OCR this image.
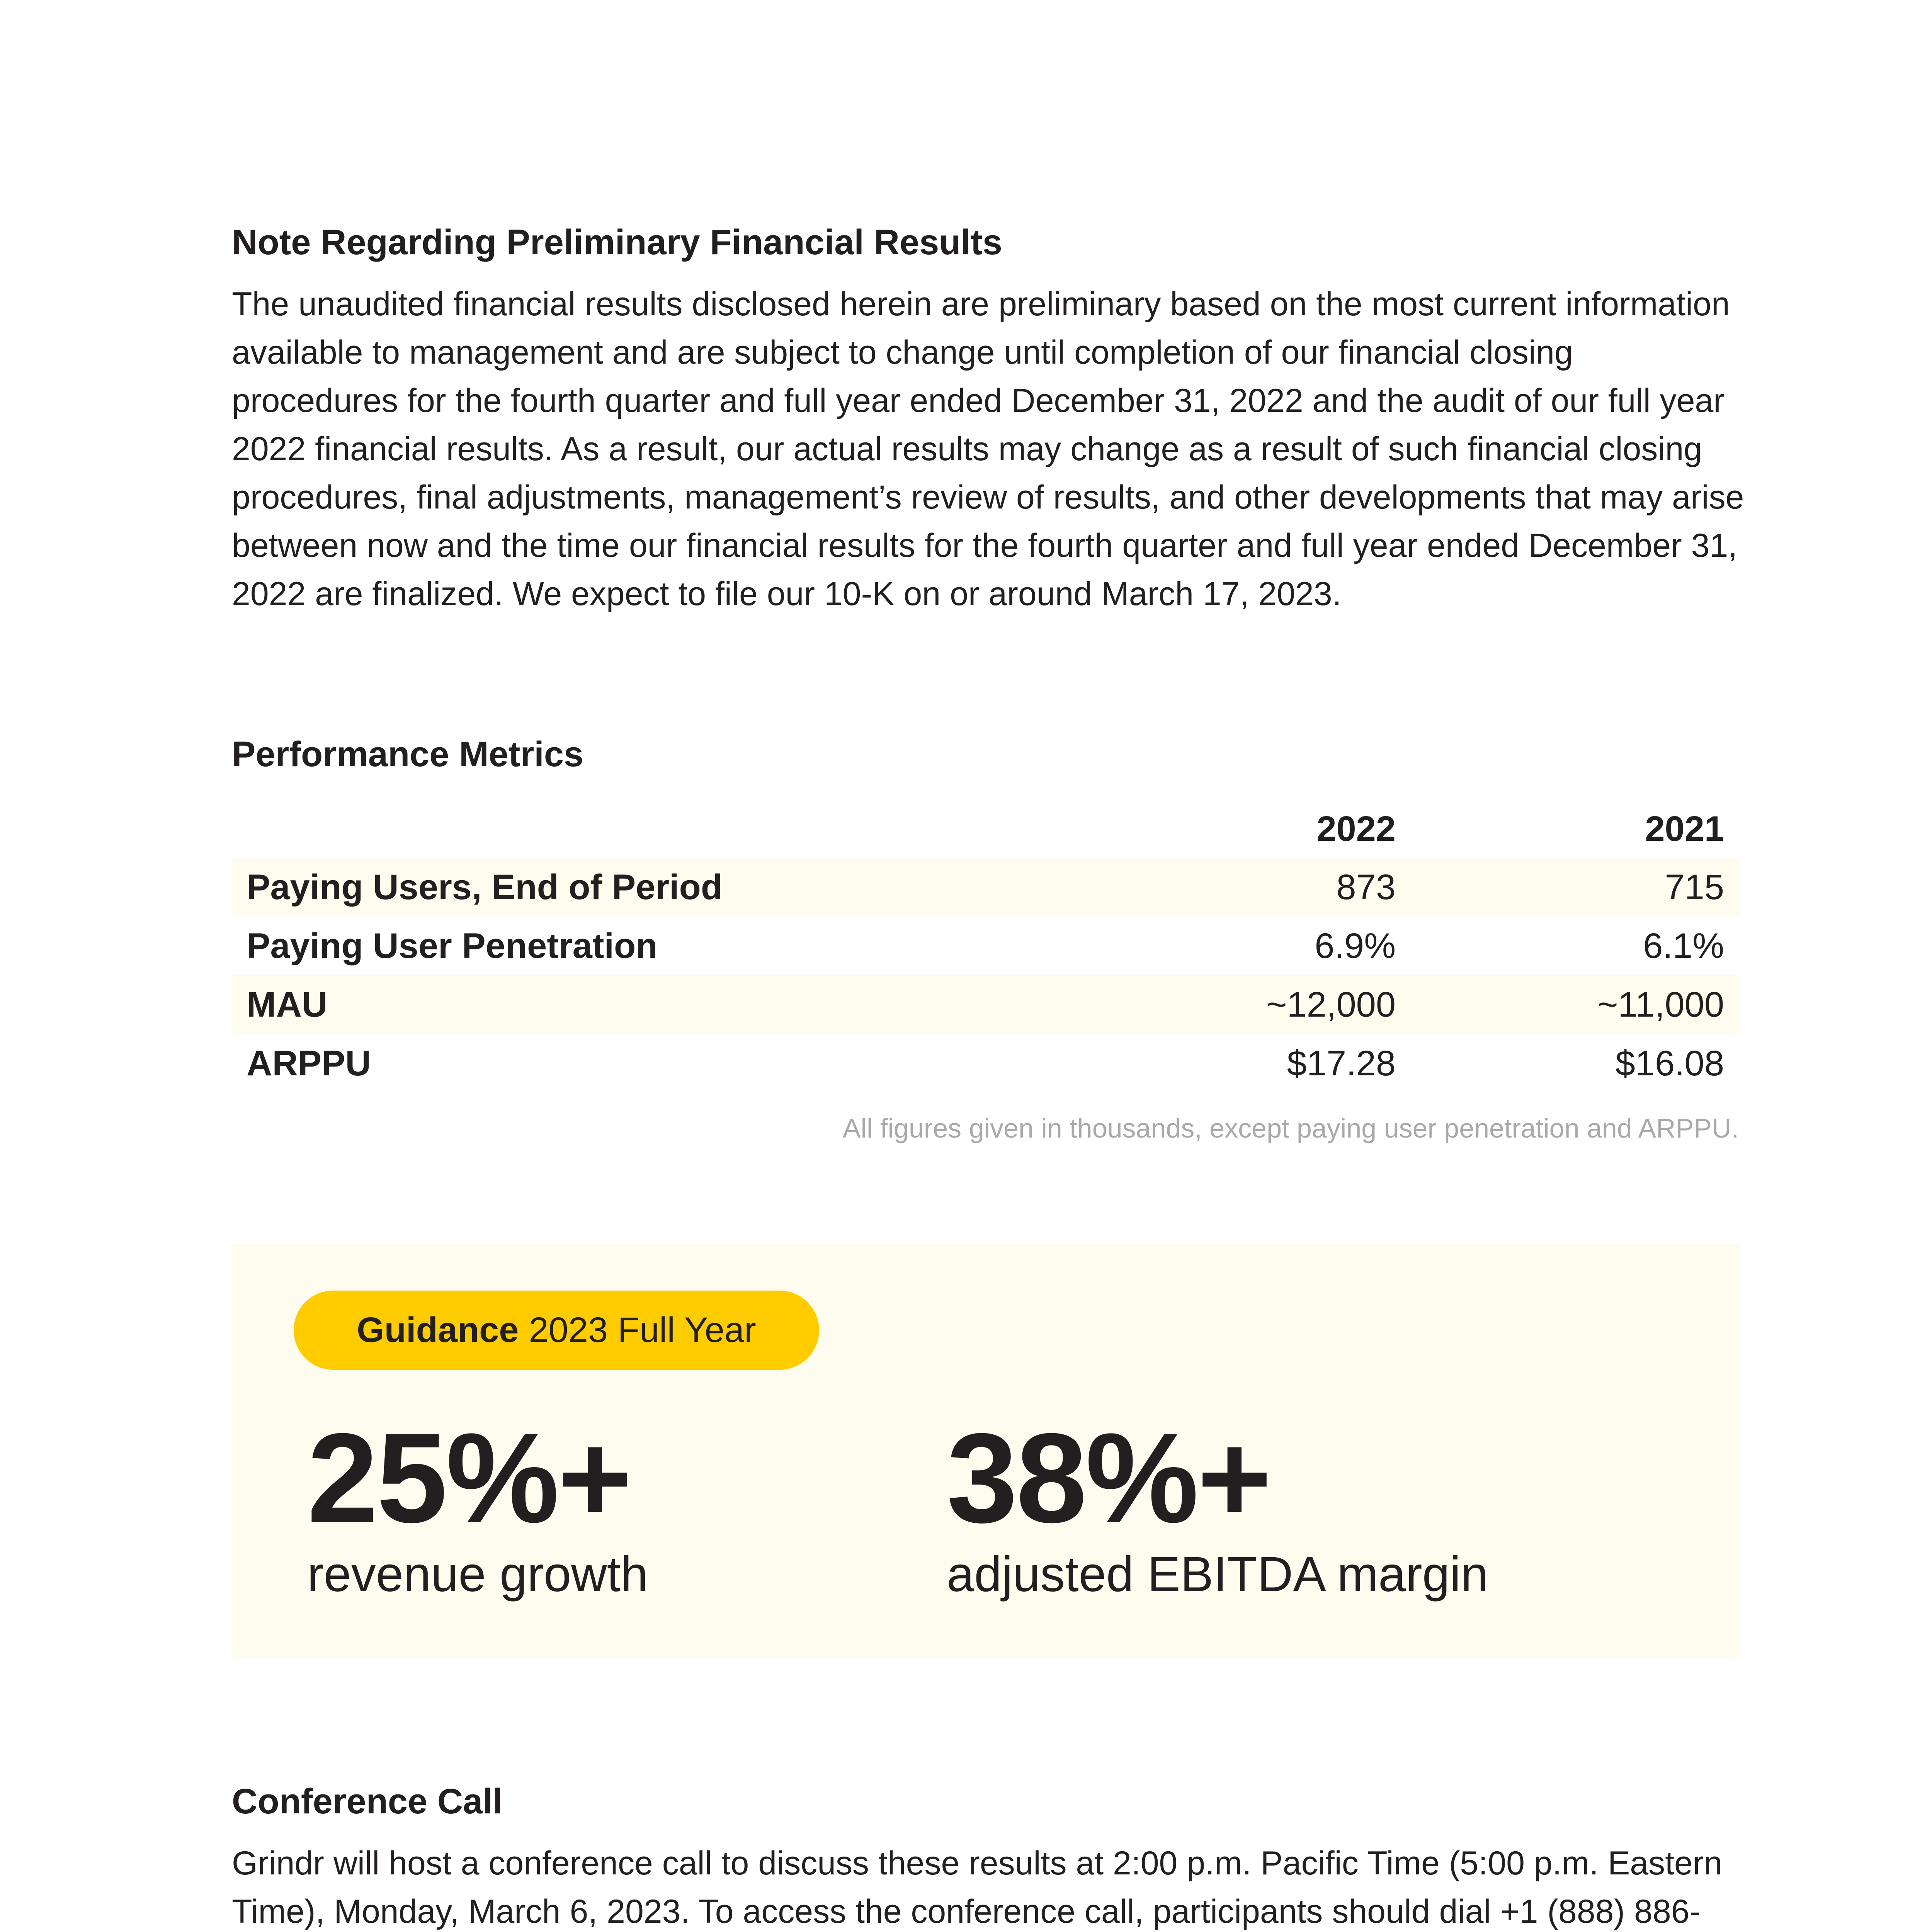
Note Regarding Preliminary Financial Results

The unaudited financial results disclosed herein are preliminary based on the most current information available to management and are subject to change until completion of our financial closing procedures for the fourth quarter and full year ended December 31, 2022 and the audit of our full year 2022 financial results. As a result, our actual results may change as a result of such financial closing procedures, final adjustments, management’s review of results, and other developments that may arise between now and the time our financial results for the fourth quarter and full year ended December 31, 2022 are finalized. We expect to file our 10-K on or around March 17, 2023.

Performance Metrics
	2022	2021
Paying Users, End of Period	873	715
Paying User Penetration	6.9%	6.1%
MAU	~12,000	~11,000
ARPPU	$17.28	$16.08

All figures given in thousands, except paying user penetration and ARPPU.

Guidance 2023 Full Year

25%+

revenue growth

38%+

adjusted EBITDA margin

Conference Call

Grindr will host a conference call to discuss these results at 2:00 p.m. Pacific Time (5:00 p.m. Eastern Time), Monday, March 6, 2023. To access the conference call, participants should dial +1 (888) 886-
